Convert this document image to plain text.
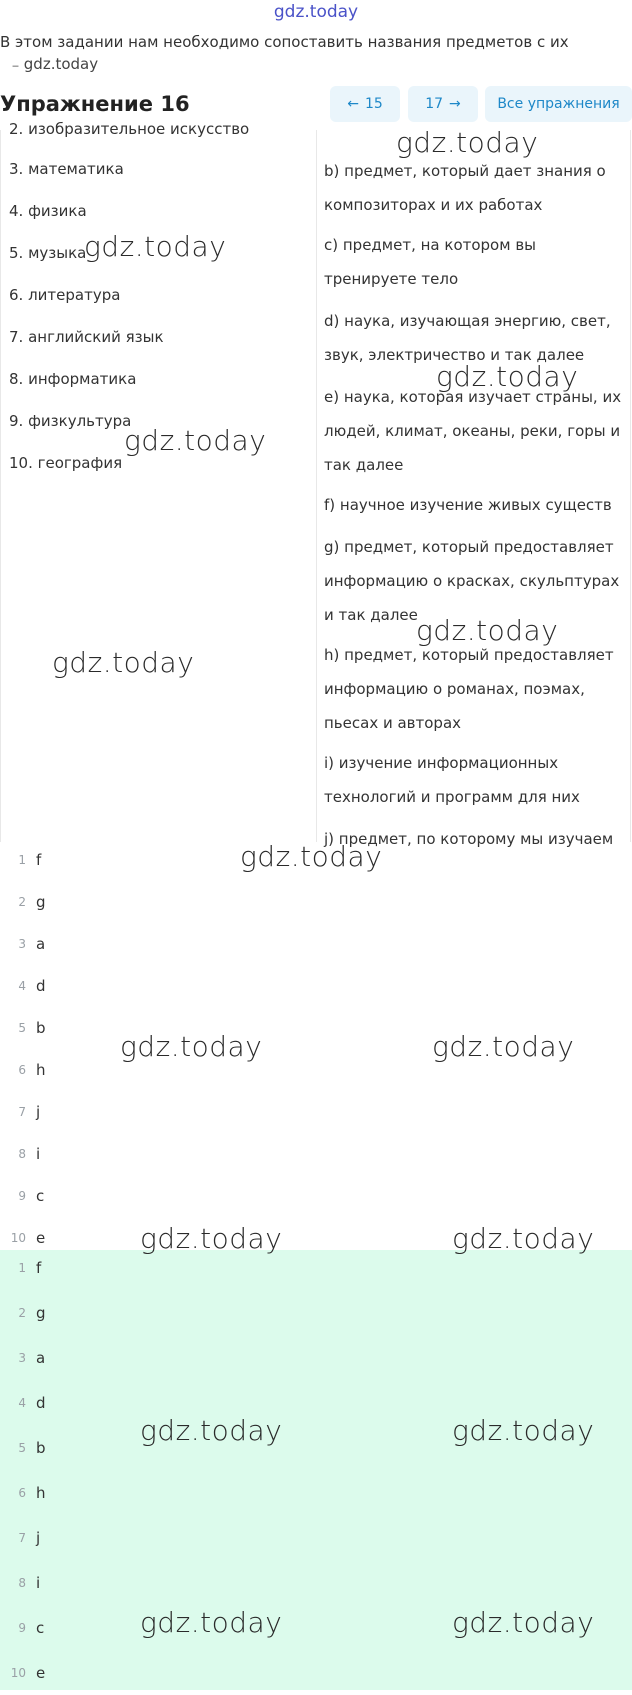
gdz.today
В этом задании нам необходимо сопоставить названия предметов с их
‒ gdz.today
Упражнение 16	← 15	17 →	Все упражнения
2. изобразительное искусство
3. математика
4. физика
5. музыка
6. литература
7. английский язык
8. информатика
9. физкультура
10. география
b) предмет, который дает знания о композиторах и их работах
c) предмет, на котором вы тренируете тело
d) наука, изучающая энергию, свет, звук, электричество и так далее
e) наука, которая изучает страны, их людей, климат, океаны, реки, горы и так далее
f) научное изучение живых существ
g) предмет, который предоставляет информацию о красках, скульптурах и так далее
h) предмет, который предоставляет информацию о романах, поэмах, пьесах и авторах
i) изучение информационных технологий и программ для них
j) предмет, по которому мы изучаем
1 f
2 g
3 a
4 d
5 b
6 h
7 j
8 i
9 c
10 e
1 f
2 g
3 a
4 d
5 b
6 h
7 j
8 i
9 c
10 e
gdz.today
gdz.today
gdz.today
gdz.today
gdz.today
gdz.today
gdz.today
gdz.today	gdz.today
gdz.today	gdz.today
gdz.today	gdz.today
gdz.today	gdz.today
